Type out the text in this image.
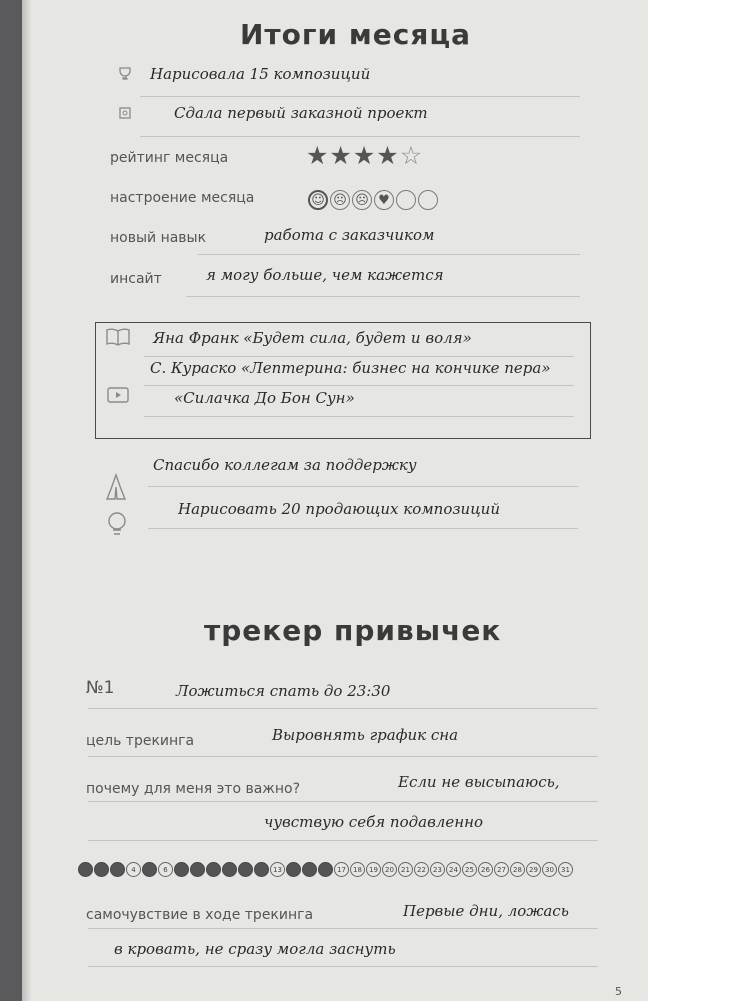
Итоги месяца
Нарисовала 15 композиций
Сдала первый заказной проект
рейтинг месяца	★ ★ ★ ★ ☆
настроение месяца	☺ ☹ ☹ ♥
новый навык	работа с заказчиком
инсайт	я могу больше, чем кажется
Яна Франк «Будет сила, будет и воля»
С. Кураско «Лептерина: бизнес на кончике пера»
«Силачка До Бон Сун»
Спасибо коллегам за поддержку
Нарисовать 20 продающих композиций
трекер привычек
№1	Ложиться спать до 23:30
цель трекинга	Выровнять график сна
почему для меня это важно?	Если не высыпаюсь,
чувствую себя подавленно
1	2	3	4	5	6	7	8	9	10	11	12	13	14	15	16	17	18	19	20	21	22	23	24	25	26	27	28	29	30	31
самочувствие в ходе трекинга	Первые дни, ложась
в кровать, не сразу могла заснуть
5
